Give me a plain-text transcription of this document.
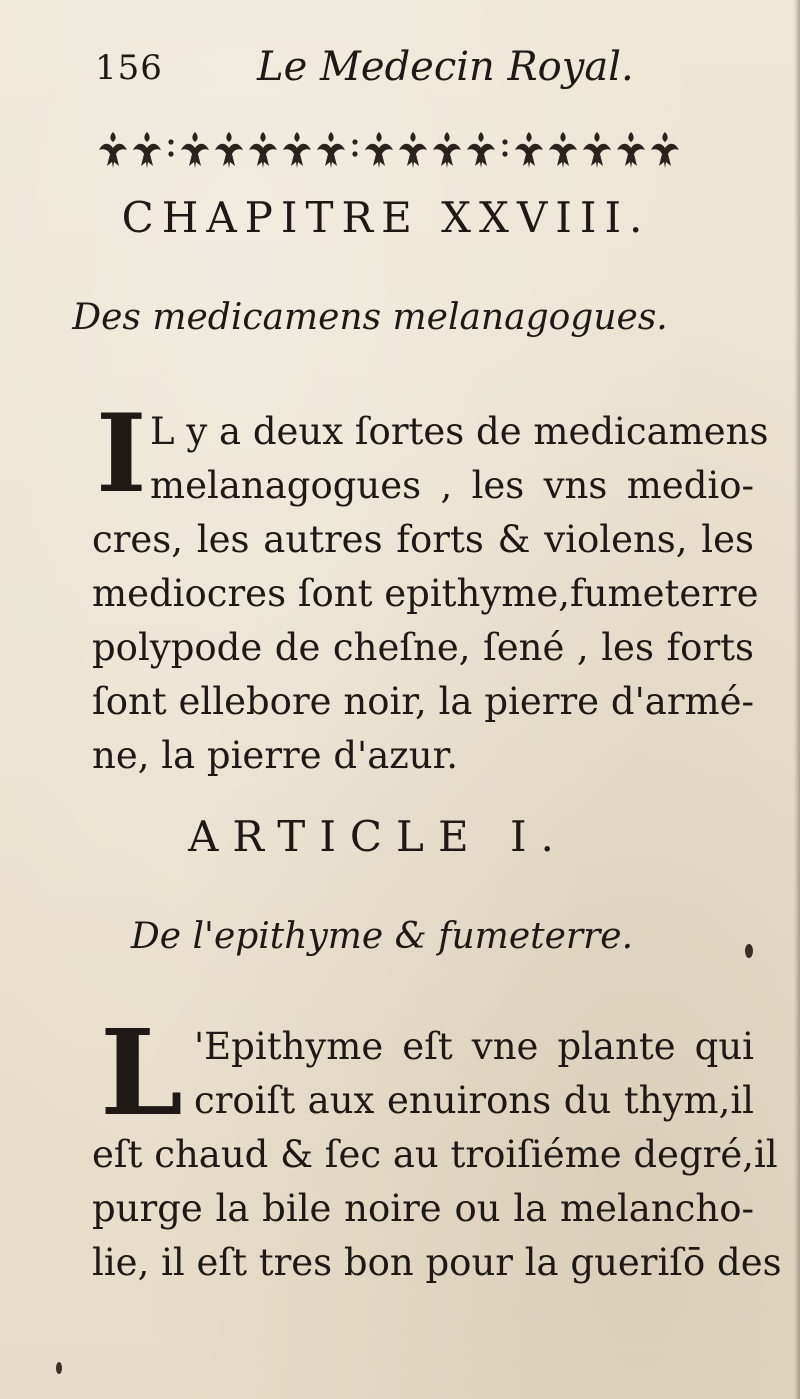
156 Le Medecin Royal.
CHAPITRE XXVIII.
Des medicamens melanagogues.
I L y a deux ſortes de medicamens
melanagogues , les vns medio-
cres, les autres forts & violens, les
mediocres ſont epithyme,fumeterre
polypode de cheſne, ſené , les forts
ſont ellebore noir, la pierre d'armé-
ne, la pierre d'azur.
ARTICLE I.
De l'epithyme & fumeterre.
L 'Epithyme eſt vne plante qui
croiſt aux enuirons du thym,il
eſt chaud & ſec au troiſiéme degré,il
purge la bile noire ou la melancho-
lie, il eſt tres bon pour la gueriſō des
